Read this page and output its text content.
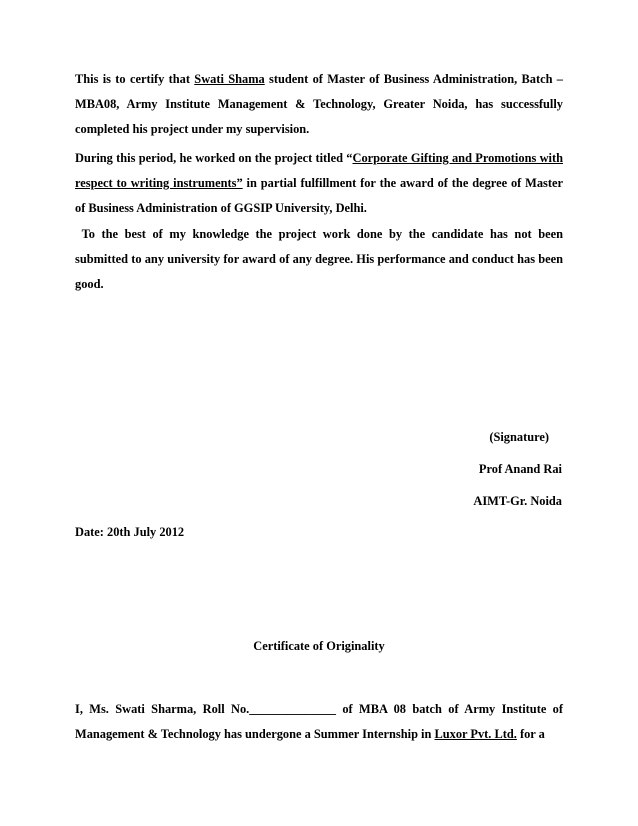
This is to certify that Swati Shama student of Master of Business Administration, Batch – MBA08, Army Institute Management & Technology, Greater Noida, has successfully completed his project under my supervision.

During this period, he worked on the project titled “Corporate Gifting and Promotions with respect to writing instruments” in partial fulfillment for the award of the degree of Master of Business Administration of GGSIP University, Delhi.

To the best of my knowledge the project work done by the candidate has not been submitted to any university for award of any degree. His performance and conduct has been good.

(Signature)

Prof Anand Rai

AIMT-Gr. Noida

Date: 20th July 2012

Certificate of Originality

I, Ms. Swati Sharma, Roll No.______________ of MBA 08 batch of Army Institute of Management & Technology has undergone a Summer Internship in Luxor Pvt. Ltd. for a
